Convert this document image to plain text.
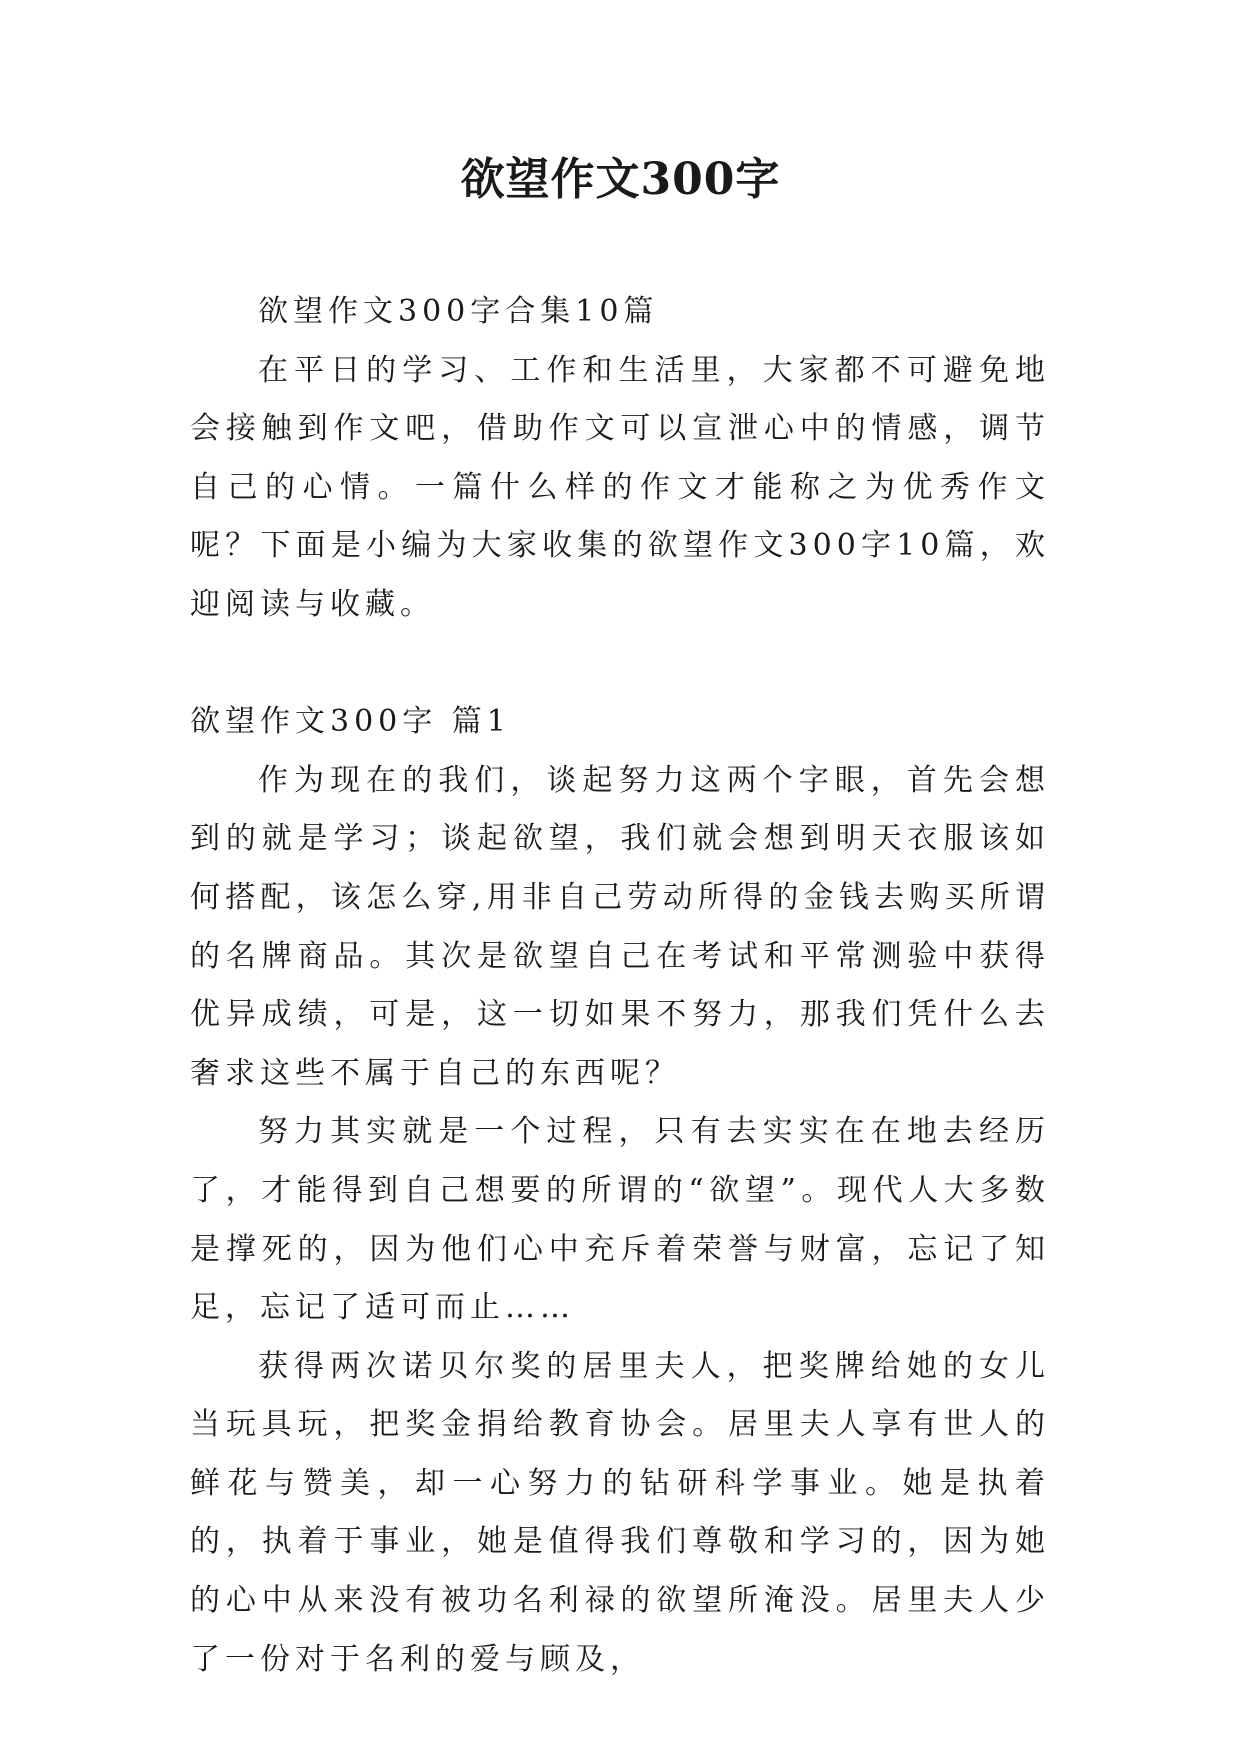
欲望作文300字

欲望作文300字合集10篇

在平日的学习、工作和生活里，大家都不可避免地会接触到作文吧，借助作文可以宣泄心中的情感，调节自己的心情。一篇什么样的作文才能称之为优秀作文呢？下面是小编为大家收集的欲望作文300字10篇，欢迎阅读与收藏。

欲望作文300字 篇1

作为现在的我们，谈起努力这两个字眼，首先会想到的就是学习；谈起欲望，我们就会想到明天衣服该如何搭配，该怎么穿,用非自己劳动所得的金钱去购买所谓的名牌商品。其次是欲望自己在考试和平常测验中获得优异成绩，可是，这一切如果不努力，那我们凭什么去奢求这些不属于自己的东西呢？

努力其实就是一个过程，只有去实实在在地去经历了，才能得到自己想要的所谓的“欲望”。现代人大多数是撑死的，因为他们心中充斥着荣誉与财富，忘记了知足，忘记了适可而止……

获得两次诺贝尔奖的居里夫人，把奖牌给她的女儿当玩具玩，把奖金捐给教育协会。居里夫人享有世人的鲜花与赞美，却一心努力的钻研科学事业。她是执着的，执着于事业，她是值得我们尊敬和学习的，因为她的心中从来没有被功名利禄的欲望所淹没。居里夫人少了一份对于名利的爱与顾及，
